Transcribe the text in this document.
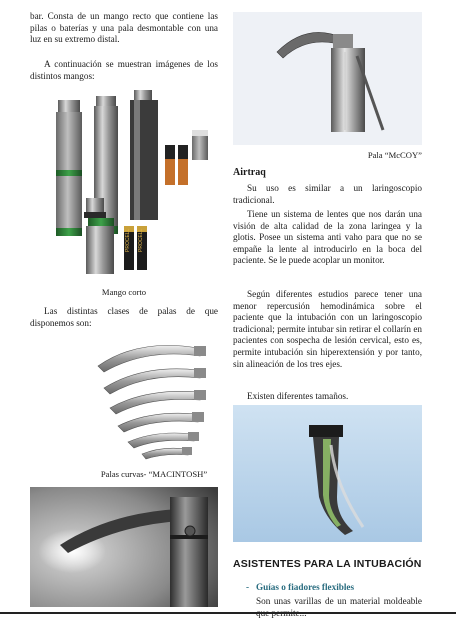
bar. Consta de un mango recto que contiene las pilas o baterías y una pala desmontable con una luz en su extremo distal.

A continuación se muestran imágenes de los distintos mangos:

PROCELL PROCELL

Mango corto

Las distintas clases de palas de que disponemos son:

Palas curvas- “MACINTOSH”

Pala “McCOY”

Airtraq

Su uso es similar a un laringoscopio tradicional.

Tiene un sistema de lentes que nos darán una visión de alta calidad de la zona laringea y la glotis. Posee un sistema anti vaho para que no se empañe la lente al introducirlo en la boca del paciente. Se le puede acoplar un monitor.

Según diferentes estudios parece tener una menor repercusión hemodinámica sobre el paciente que la intubación con un laringoscopio tradicional; permite intubar sin retirar el collarín en pacientes con sospecha de lesión cervical, esto es, permite intubación sin hiperextensión y por tanto, sin alineación de los tres ejes.

Existen diferentes tamaños.

ASISTENTES PARA LA INTUBACIÓN

- Guías o fiadores flexibles

Son unas varillas de un material moldeable
